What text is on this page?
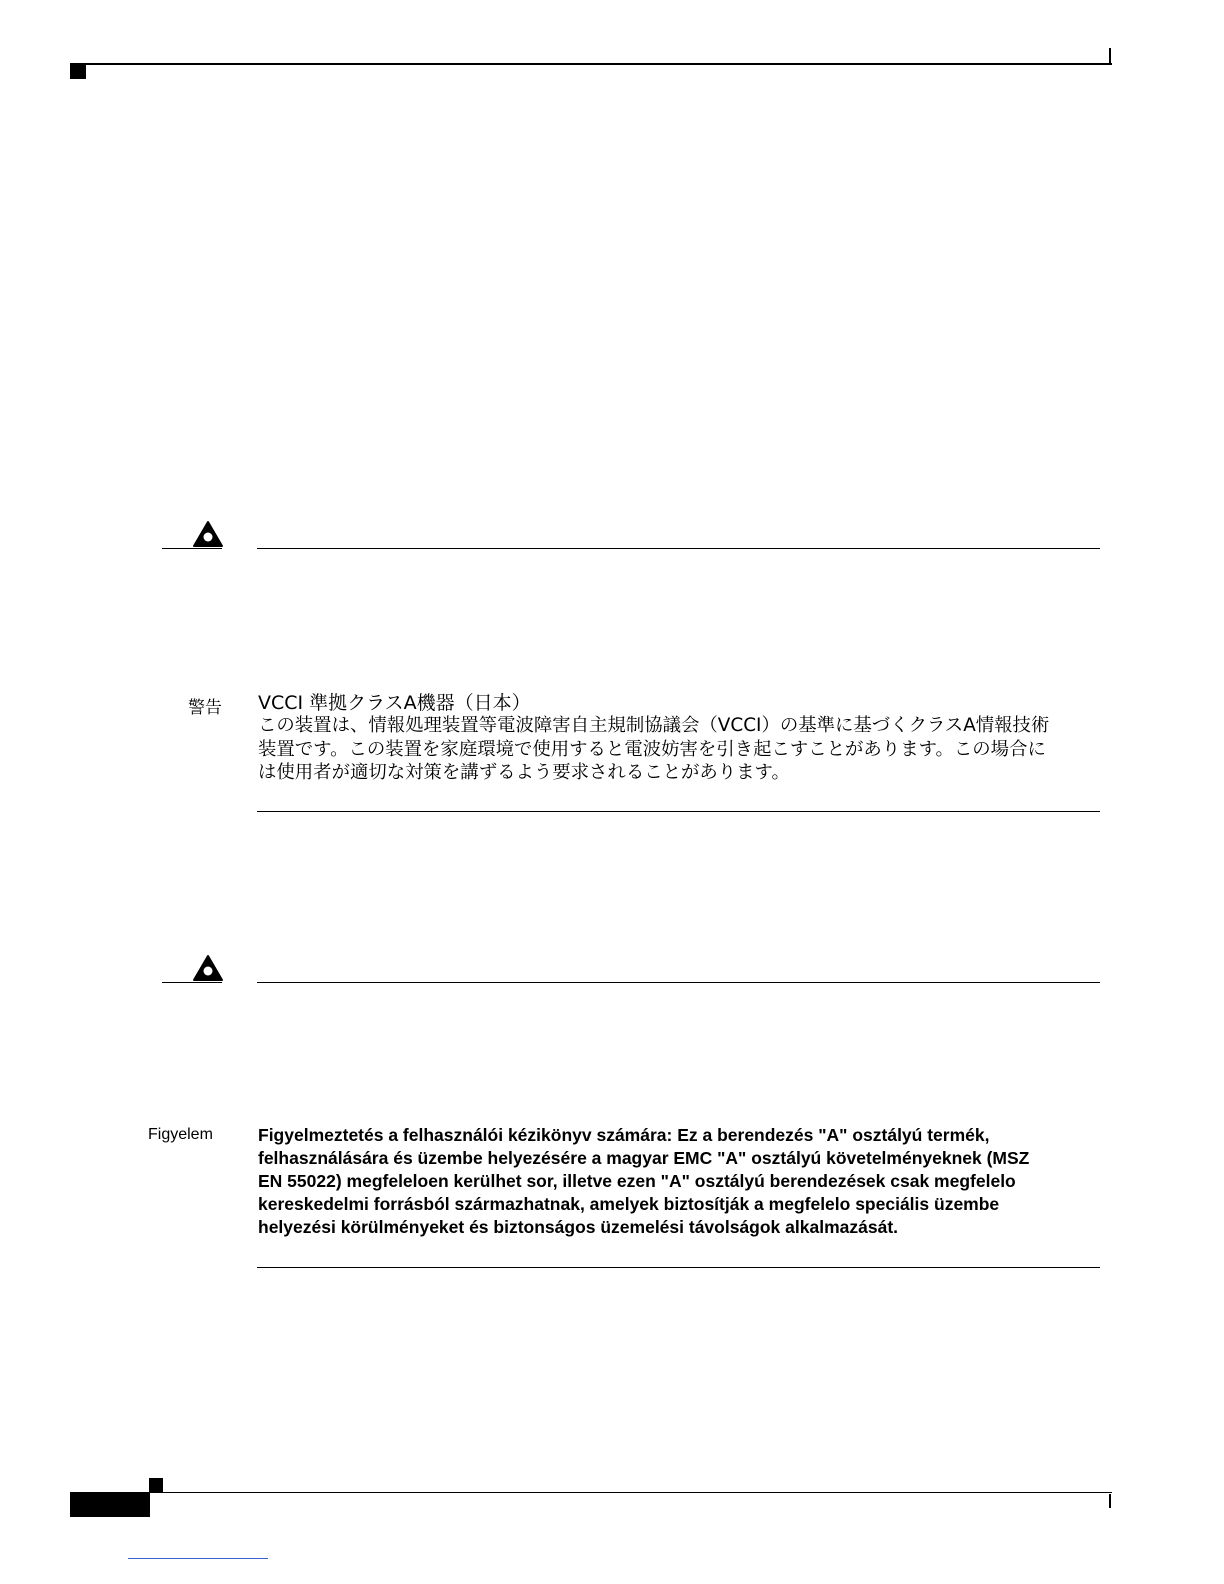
警告 VCCI 準拠クラスA機器（日本）
この装置は、情報処理装置等電波障害自主規制協議会（VCCI）の基準に基づくクラスA情報技術
装置です。この装置を家庭環境で使用すると電波妨害を引き起こすことがあります。この場合に
は使用者が適切な対策を講ずるよう要求されることがあります。
Figyelem	Figyelmeztetés a felhasználói kézikönyv számára: Ez a berendezés "A" osztályú termék,
felhasználására és üzembe helyezésére a magyar EMC "A" osztályú követelményeknek (MSZ
EN 55022) megfeleloen kerülhet sor, illetve ezen "A" osztályú berendezések csak megfelelo
kereskedelmi forrásból származhatnak, amelyek biztosítják a megfelelo speciális üzembe
helyezési körülményeket és biztonságos üzemelési távolságok alkalmazását.
